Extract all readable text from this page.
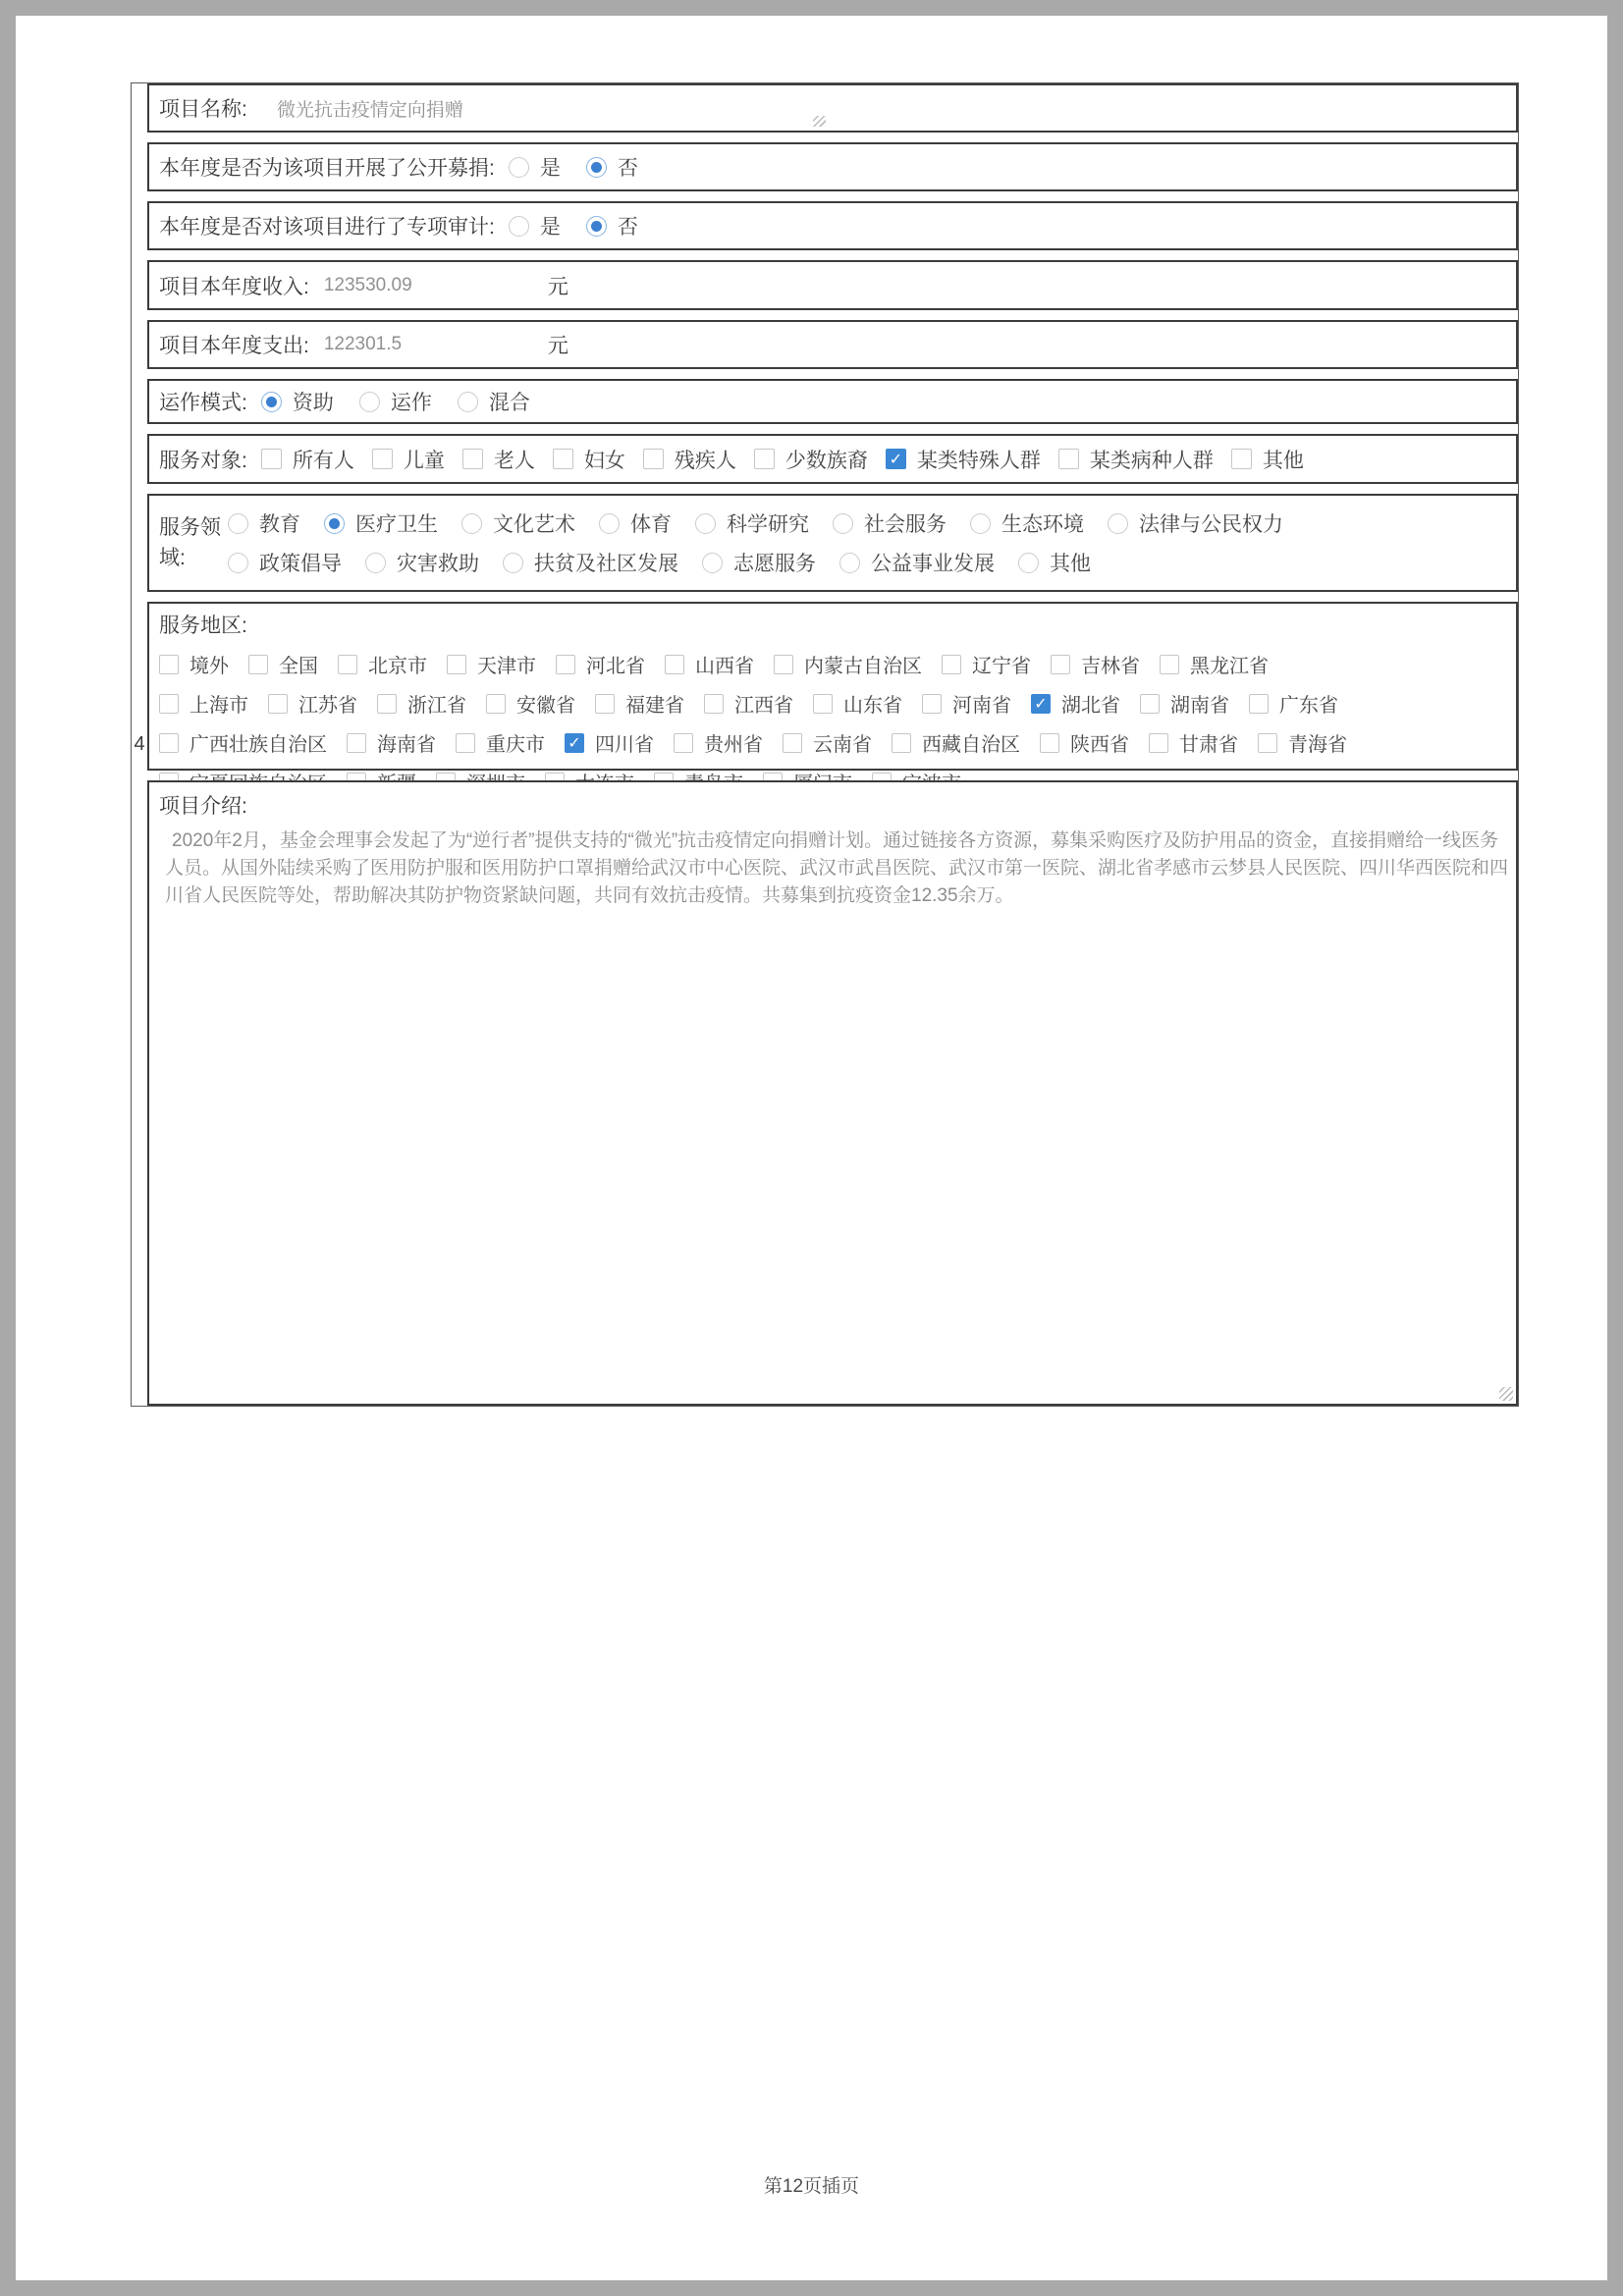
4
项目名称: 微光抗击疫情定向捐赠
本年度是否为该项目开展了公开募捐: 是	否
本年度是否对该项目进行了专项审计: 是	否
项目本年度收入: 123530.09	元
项目本年度支出: 122301.5	元
运作模式: 资助	运作	混合
服务对象: 所有人 儿童 老人 妇女 残疾人 少数族裔 ✓ 某类特殊人群 某类病种人群 其他
服务领域:
教育	医疗卫生	文化艺术	体育	科学研究	社会服务	生态环境	法律与公民权力
政策倡导	灾害救助	扶贫及社区发展	志愿服务	公益事业发展	其他
服务地区:
境外	全国	北京市	天津市	河北省	山西省	内蒙古自治区	辽宁省	吉林省	黑龙江省
上海市	江苏省	浙江省	安徽省	福建省	江西省	山东省	河南省 ✓	湖北省	湖南省	广东省
广西壮族自治区	海南省	重庆市 ✓	四川省	贵州省	云南省	西藏自治区	陕西省	甘肃省	青海省
项目介绍:
2020年2月，基金会理事会发起了为“逆行者”提供支持的“微光”抗击疫情定向捐赠计划。通过链接各方资源，募集采购医疗及防护用品的资金，直接捐赠给一线医务人员。从国外陆续采购了医用防护服和医用防护口罩捐赠给武汉市中心医院、武汉市武昌医院、武汉市第一医院、湖北省孝感市云梦县人民医院、四川华西医院和四川省人民医院等处，帮助解决其防护物资紧缺问题，共同有效抗击疫情。共募集到抗疫资金12.35余万。
第12页插页
